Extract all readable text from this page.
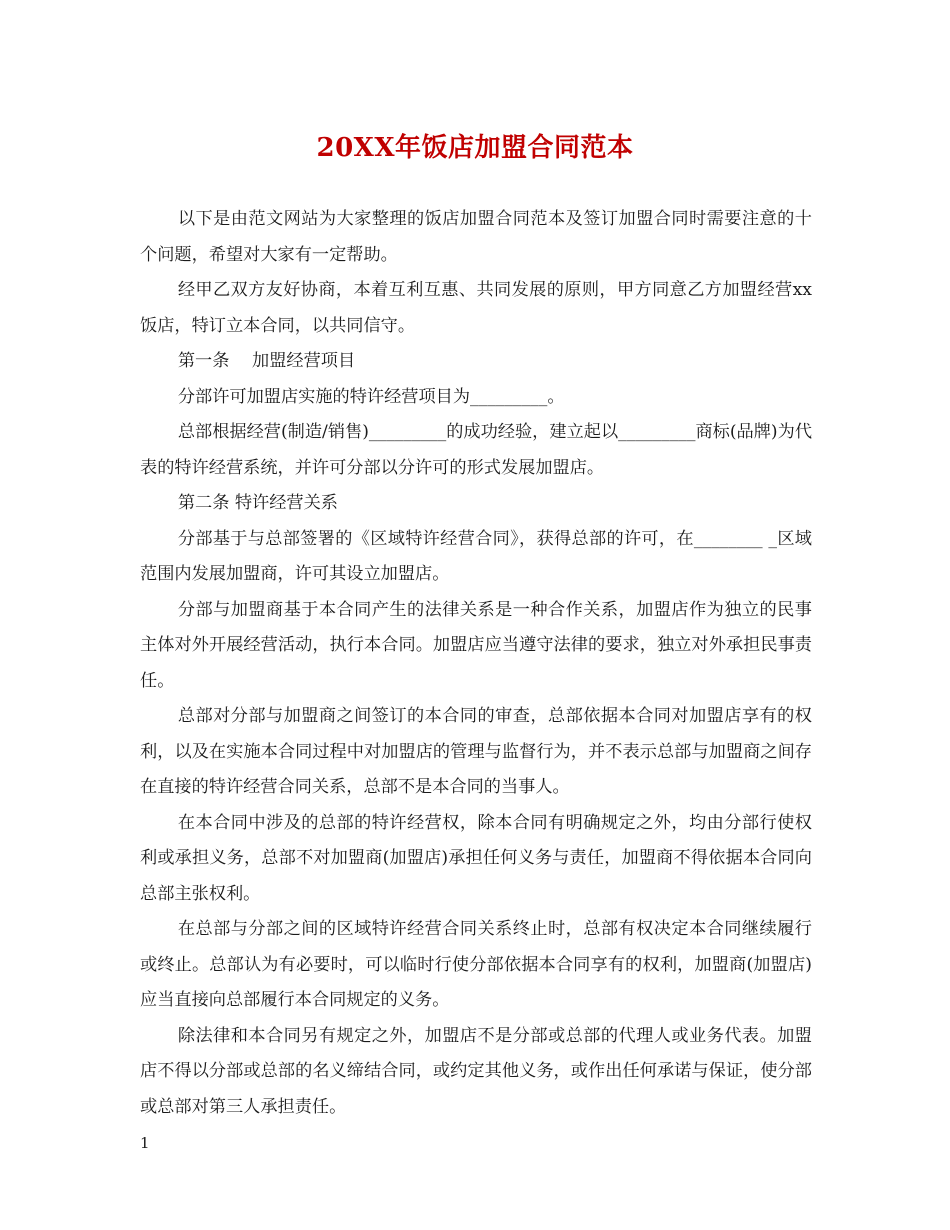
20XX年饭店加盟合同范本

以下是由范文网站为大家整理的饭店加盟合同范本及签订加盟合同时需要注意的十个问题，希望对大家有一定帮助。

经甲乙双方友好协商，本着互利互惠、共同发展的原则，甲方同意乙方加盟经营xx饭店，特订立本合同，以共同信守。

第一条　 加盟经营项目

分部许可加盟店实施的特许经营项目为_________。

总部根据经营(制造/销售)_________的成功经验，建立起以_________商标(品牌)为代表的特许经营系统，并许可分部以分许可的形式发展加盟店。

第二条 特许经营关系

分部基于与总部签署的《区域特许经营合同》，获得总部的许可，在________ _区域范围内发展加盟商，许可其设立加盟店。

分部与加盟商基于本合同产生的法律关系是一种合作关系，加盟店作为独立的民事主体对外开展经营活动，执行本合同。加盟店应当遵守法律的要求，独立对外承担民事责任。

总部对分部与加盟商之间签订的本合同的审查，总部依据本合同对加盟店享有的权利，以及在实施本合同过程中对加盟店的管理与监督行为，并不表示总部与加盟商之间存在直接的特许经营合同关系，总部不是本合同的当事人。

在本合同中涉及的总部的特许经营权，除本合同有明确规定之外，均由分部行使权利或承担义务，总部不对加盟商(加盟店)承担任何义务与责任，加盟商不得依据本合同向总部主张权利。

在总部与分部之间的区域特许经营合同关系终止时，总部有权决定本合同继续履行或终止。总部认为有必要时，可以临时行使分部依据本合同享有的权利，加盟商(加盟店)应当直接向总部履行本合同规定的义务。

除法律和本合同另有规定之外，加盟店不是分部或总部的代理人或业务代表。加盟店不得以分部或总部的名义缔结合同，或约定其他义务，或作出任何承诺与保证，使分部或总部对第三人承担责任。

1
